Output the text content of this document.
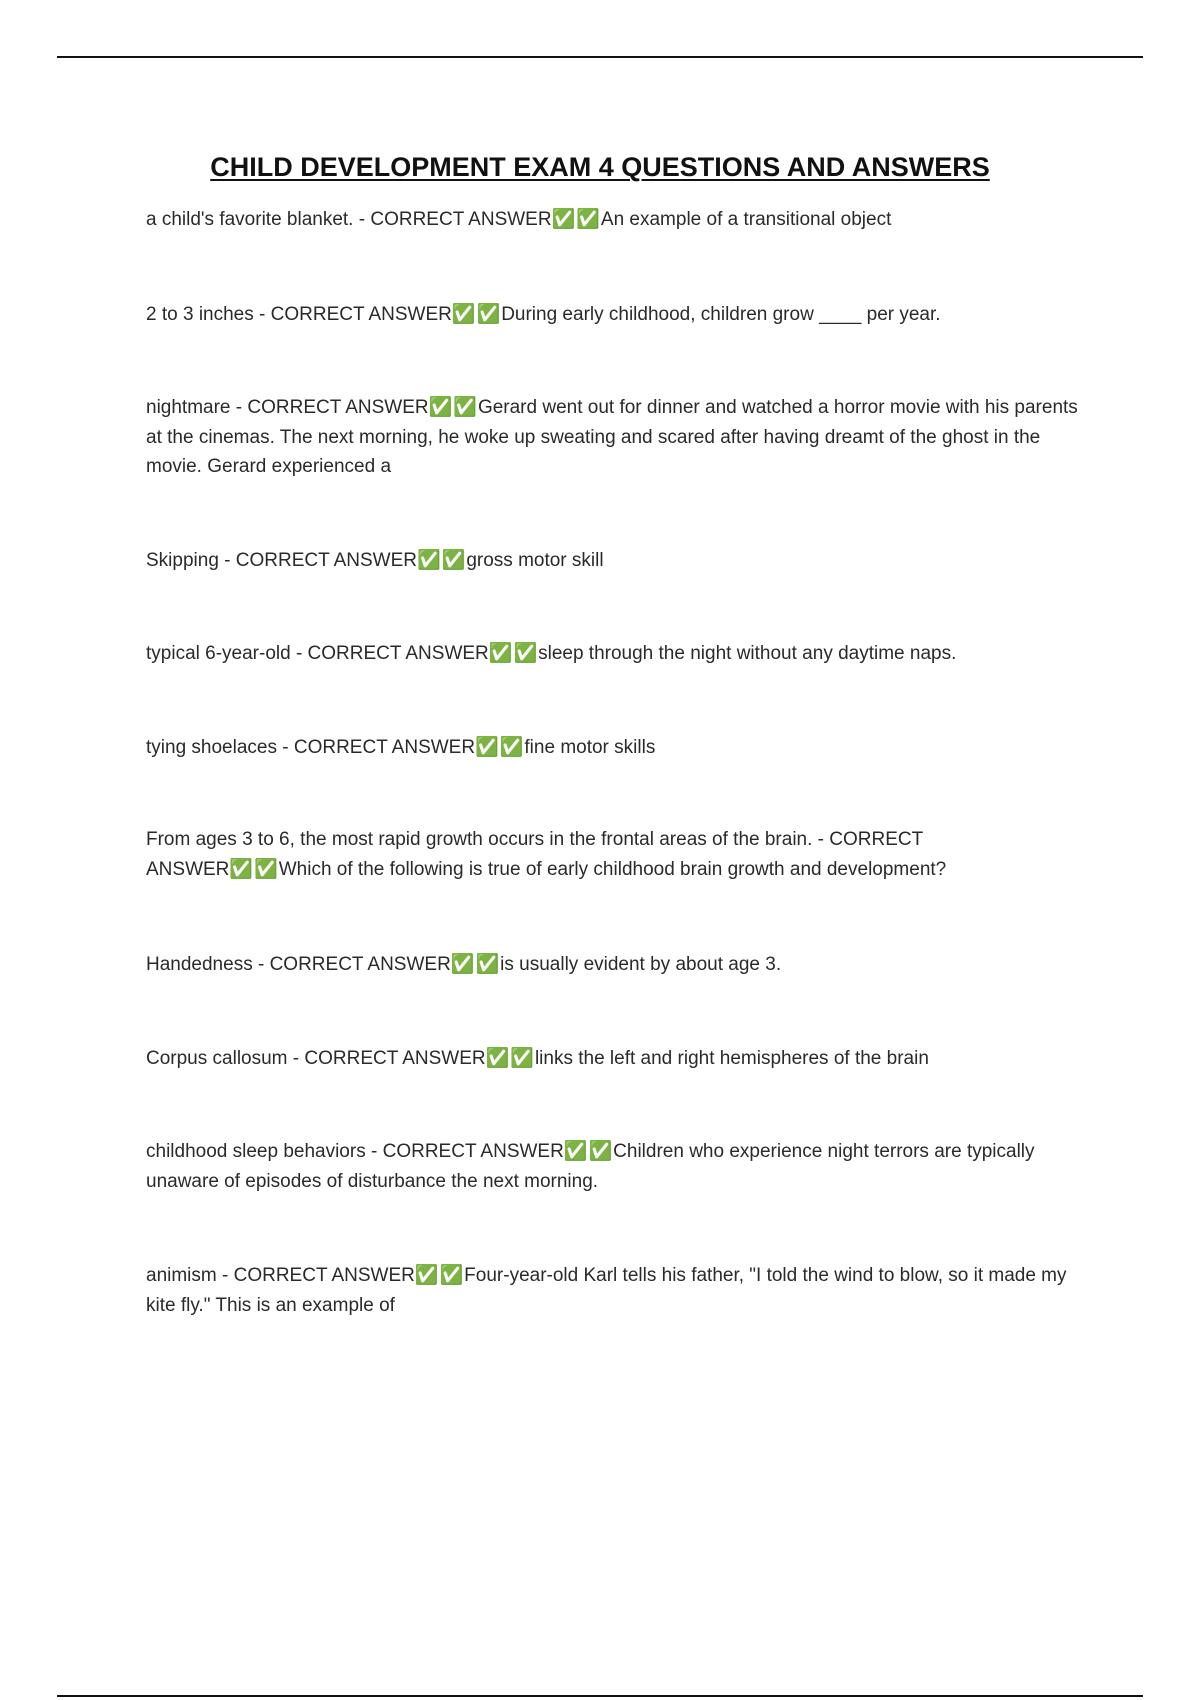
CHILD DEVELOPMENT EXAM 4 QUESTIONS AND ANSWERS

a child's favorite blanket. - CORRECT ANSWER✅✅An example of a transitional object

2 to 3 inches - CORRECT ANSWER✅✅During early childhood, children grow ____ per year.

nightmare - CORRECT ANSWER✅✅Gerard went out for dinner and watched a horror movie with his parents at the cinemas. The next morning, he woke up sweating and scared after having dreamt of the ghost in the movie. Gerard experienced a

Skipping - CORRECT ANSWER✅✅gross motor skill

typical 6-year-old - CORRECT ANSWER✅✅sleep through the night without any daytime naps.

tying shoelaces - CORRECT ANSWER✅✅fine motor skills

From ages 3 to 6, the most rapid growth occurs in the frontal areas of the brain. - CORRECT ANSWER✅✅Which of the following is true of early childhood brain growth and development?

Handedness - CORRECT ANSWER✅✅is usually evident by about age 3.

Corpus callosum - CORRECT ANSWER✅✅links the left and right hemispheres of the brain

childhood sleep behaviors - CORRECT ANSWER✅✅Children who experience night terrors are typically unaware of episodes of disturbance the next morning.

animism - CORRECT ANSWER✅✅Four-year-old Karl tells his father, "I told the wind to blow, so it made my kite fly." This is an example of
